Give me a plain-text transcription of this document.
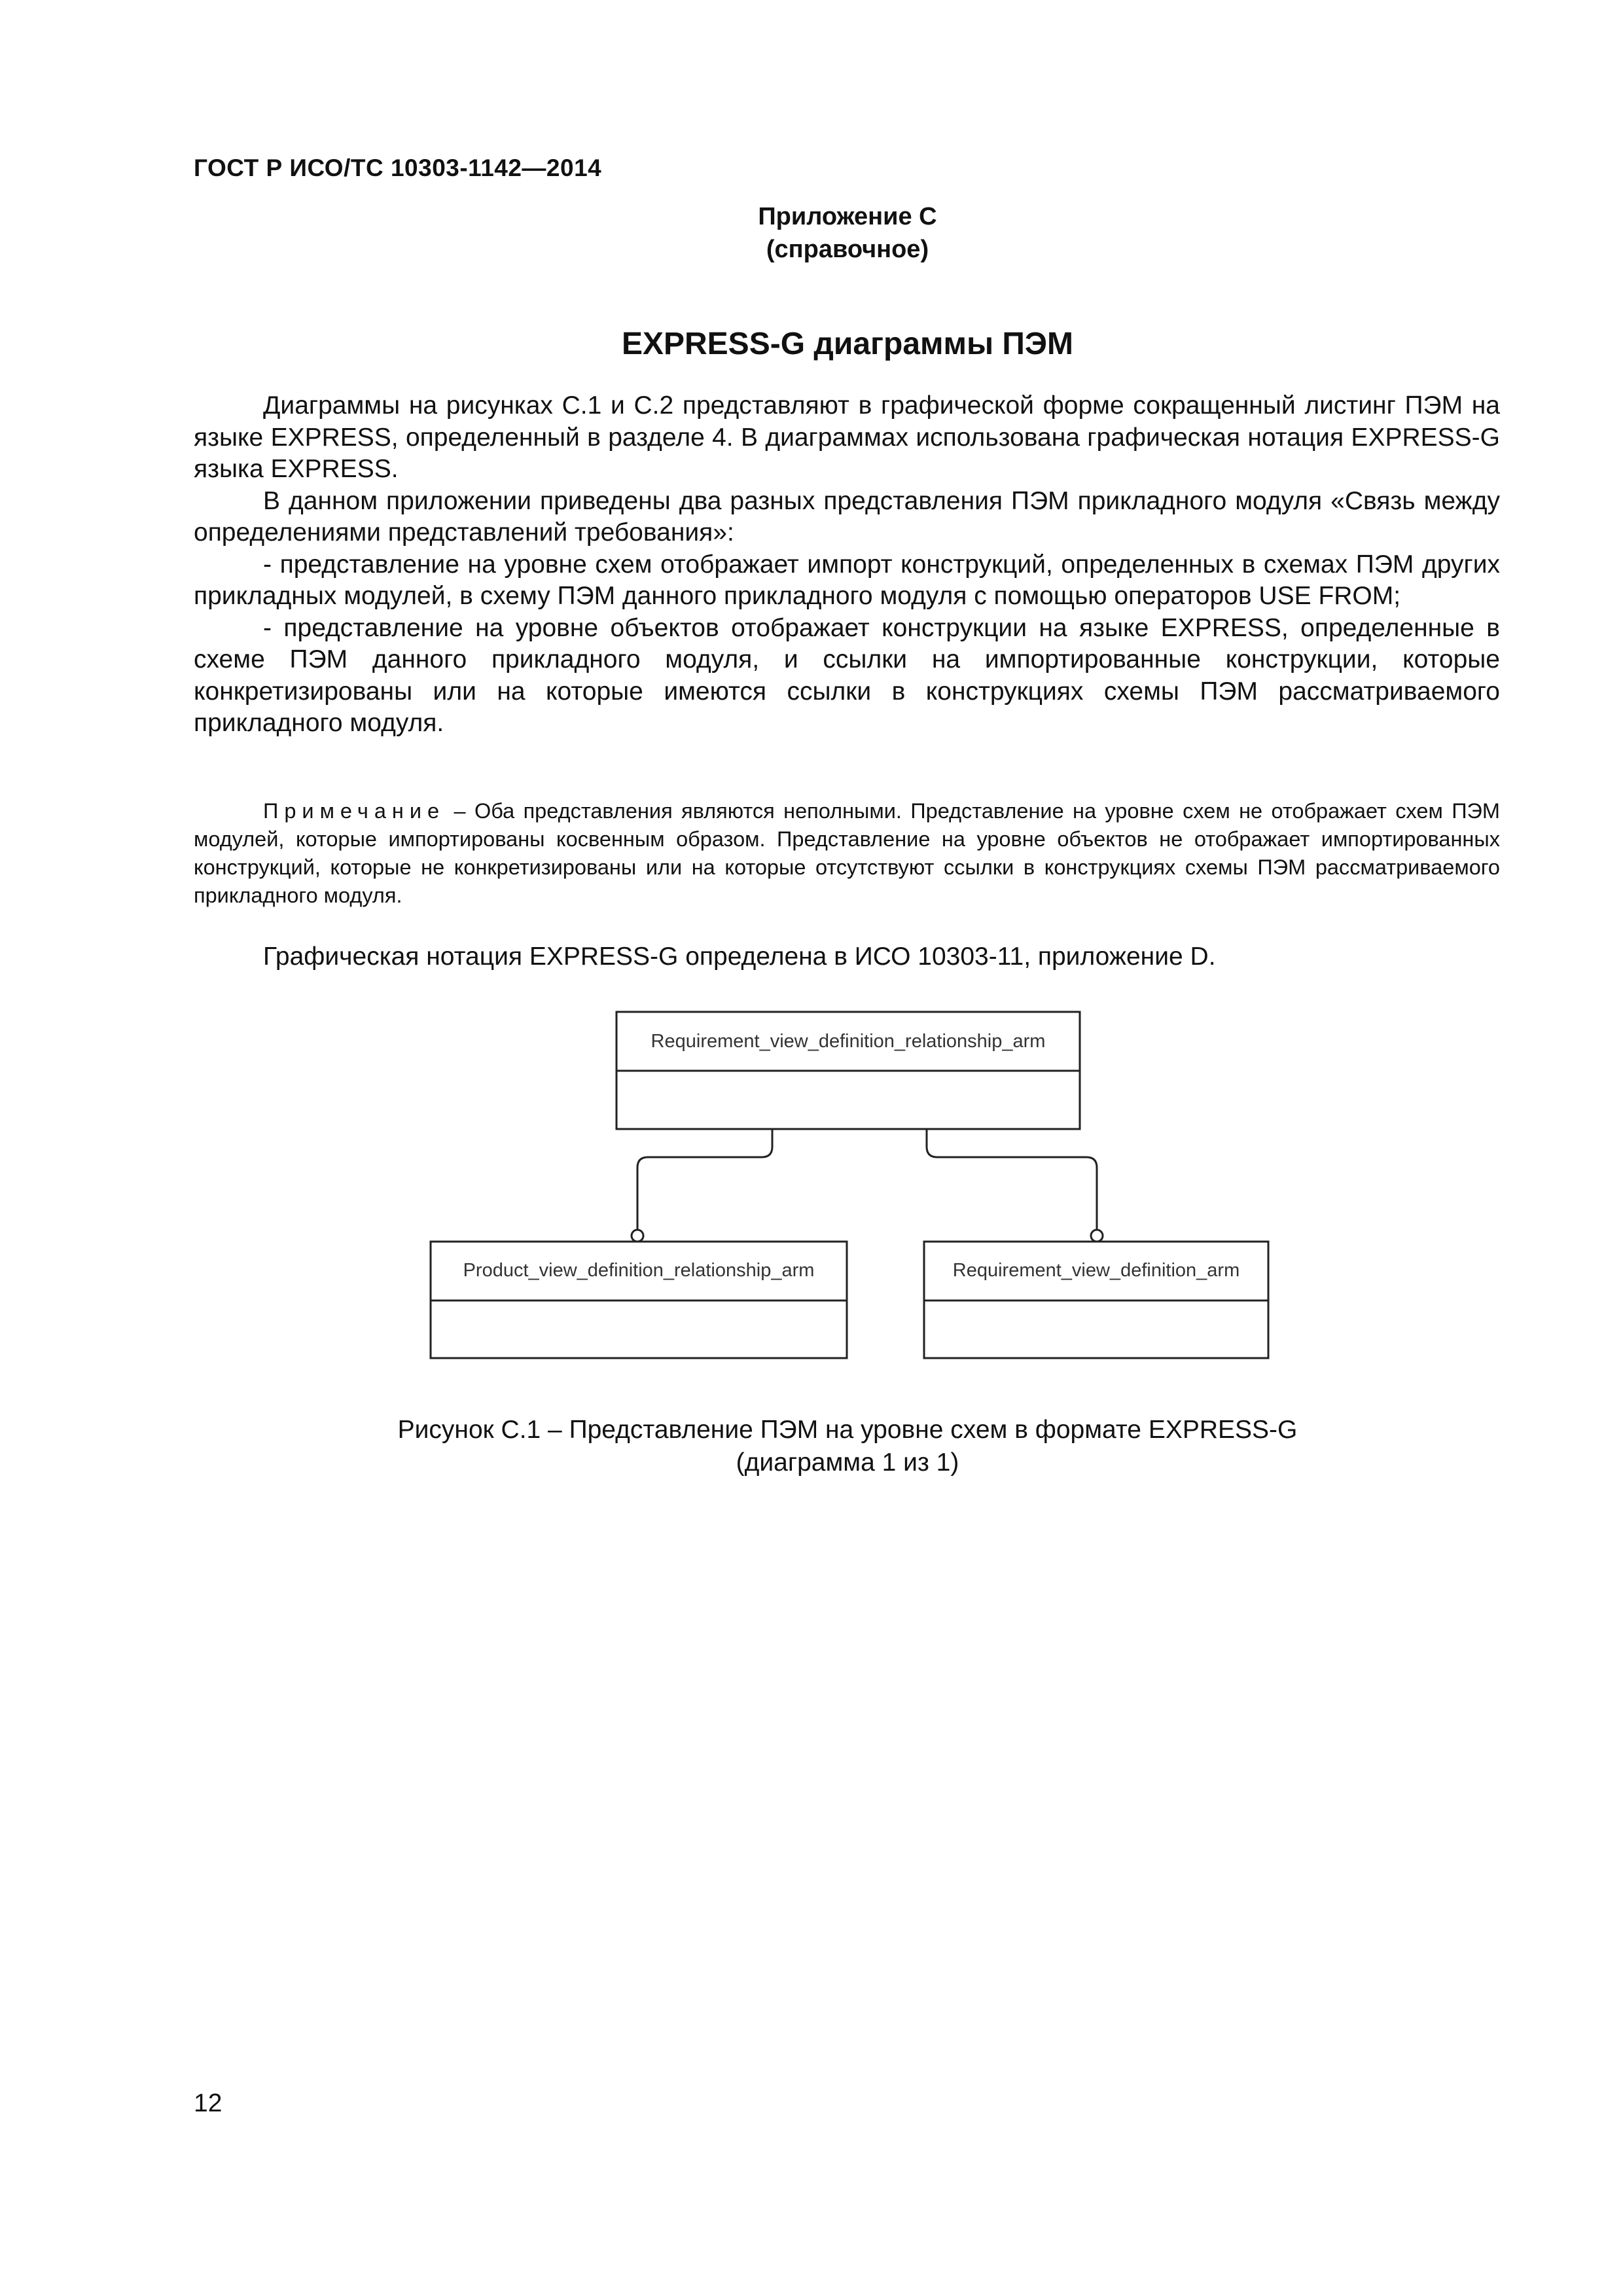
ГОСТ Р ИСО/ТС 10303-1142—2014
Приложение С
(справочное)
EXPRESS-G диаграммы ПЭМ

Диаграммы на рисунках С.1 и С.2 представляют в графической форме сокращенный листинг ПЭМ на языке EXPRESS, определенный в разделе 4. В диаграммах использована графическая нотация EXPRESS-G языка EXPRESS.

В данном приложении приведены два разных представления ПЭМ прикладного модуля «Связь между определениями представлений требования»:

- представление на уровне схем отображает импорт конструкций, определенных в схемах ПЭМ других прикладных модулей, в схему ПЭМ данного прикладного модуля с помощью операторов USE FROM;

- представление на уровне объектов отображает конструкции на языке EXPRESS, определенные в схеме ПЭМ данного прикладного модуля, и ссылки на импортированные конструкции, которые конкретизированы или на которые имеются ссылки в конструкциях схемы ПЭМ рассматриваемого прикладного модуля.

Примечание – Оба представления являются неполными. Представление на уровне схем не отображает схем ПЭМ модулей, которые импортированы косвенным образом. Представление на уровне объектов не отображает импортированных конструкций, которые не конкретизированы или на которые отсутствуют ссылки в конструкциях схемы ПЭМ рассматриваемого прикладного модуля.

Графическая нотация EXPRESS-G определена в ИСО 10303-11, приложение D.
Requirement_view_definition_relationship_arm
Product_view_definition_relationship_arm	Requirement_view_definition_arm
Рисунок С.1 – Представление ПЭМ на уровне схем в формате EXPRESS-G
(диаграмма 1 из 1)
12
